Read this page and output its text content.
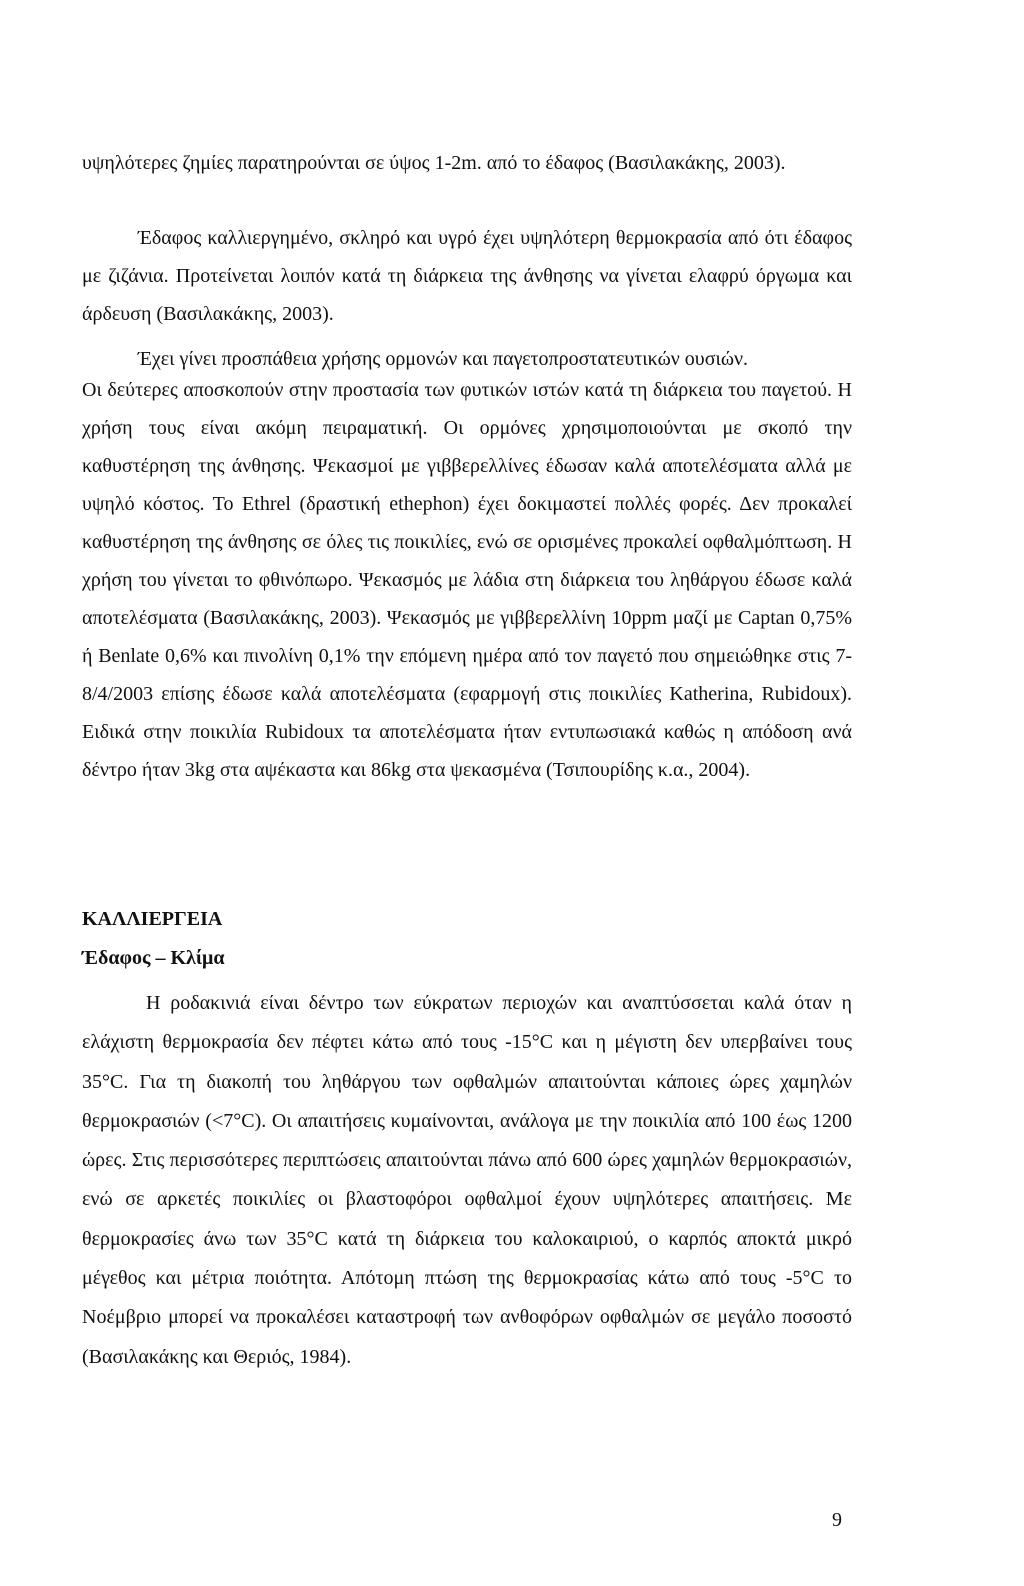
υψηλότερες ζημίες παρατηρούνται σε ύψος 1-2m. από το έδαφος (Βασιλακάκης, 2003).

Έδαφος καλλιεργημένο, σκληρό και υγρό έχει υψηλότερη θερμοκρασία από ότι έδαφος με ζιζάνια. Προτείνεται λοιπόν κατά τη διάρκεια της άνθησης να γίνεται ελαφρύ όργωμα και άρδευση (Βασιλακάκης, 2003).

Έχει γίνει προσπάθεια χρήσης ορμονών και παγετοπροστατευτικών ουσιών.

Οι δεύτερες αποσκοπούν στην προστασία των φυτικών ιστών κατά τη διάρκεια του παγετού. Η χρήση τους είναι ακόμη πειραματική. Οι ορμόνες χρησιμοποιούνται με σκοπό την καθυστέρηση της άνθησης. Ψεκασμοί με γιββερελλίνες έδωσαν καλά αποτελέσματα αλλά με υψηλό κόστος. Το Ethrel (δραστική ethephon) έχει δοκιμαστεί πολλές φορές. Δεν προκαλεί καθυστέρηση της άνθησης σε όλες τις ποικιλίες, ενώ σε ορισμένες προκαλεί οφθαλμόπτωση. Η χρήση του γίνεται το φθινόπωρο. Ψεκασμός με λάδια στη διάρκεια του ληθάργου έδωσε καλά αποτελέσματα (Βασιλακάκης, 2003). Ψεκασμός με γιββερελλίνη 10ppm μαζί με Captan 0,75% ή Benlate 0,6% και πινολίνη 0,1% την επόμενη ημέρα από τον παγετό που σημειώθηκε στις 7-8/4/2003 επίσης έδωσε καλά αποτελέσματα (εφαρμογή στις ποικιλίες Katherina, Rubidoux). Ειδικά στην ποικιλία Rubidoux τα αποτελέσματα ήταν εντυπωσιακά καθώς η απόδοση ανά δέντρο ήταν 3kg στα αψέκαστα και 86kg στα ψεκασμένα (Τσιπουρίδης κ.α., 2004).

ΚΑΛΛΙΕΡΓΕΙΑ
Έδαφος – Κλίμα

Η ροδακινιά είναι δέντρο των εύκρατων περιοχών και αναπτύσσεται καλά όταν η ελάχιστη θερμοκρασία δεν πέφτει κάτω από τους -15°C και η μέγιστη δεν υπερβαίνει τους 35°C. Για τη διακοπή του ληθάργου των οφθαλμών απαιτούνται κάποιες ώρες χαμηλών θερμοκρασιών (<7°C). Οι απαιτήσεις κυμαίνονται, ανάλογα με την ποικιλία από 100 έως 1200 ώρες. Στις περισσότερες περιπτώσεις απαιτούνται πάνω από 600 ώρες χαμηλών θερμοκρασιών, ενώ σε αρκετές ποικιλίες οι βλαστοφόροι οφθαλμοί έχουν υψηλότερες απαιτήσεις. Με θερμοκρασίες άνω των 35°C κατά τη διάρκεια του καλοκαιριού, ο καρπός αποκτά μικρό μέγεθος και μέτρια ποιότητα. Απότομη πτώση της θερμοκρασίας κάτω από τους -5°C το Νοέμβριο μπορεί να προκαλέσει καταστροφή των ανθοφόρων οφθαλμών σε μεγάλο ποσοστό (Βασιλακάκης και Θεριός, 1984).

9
